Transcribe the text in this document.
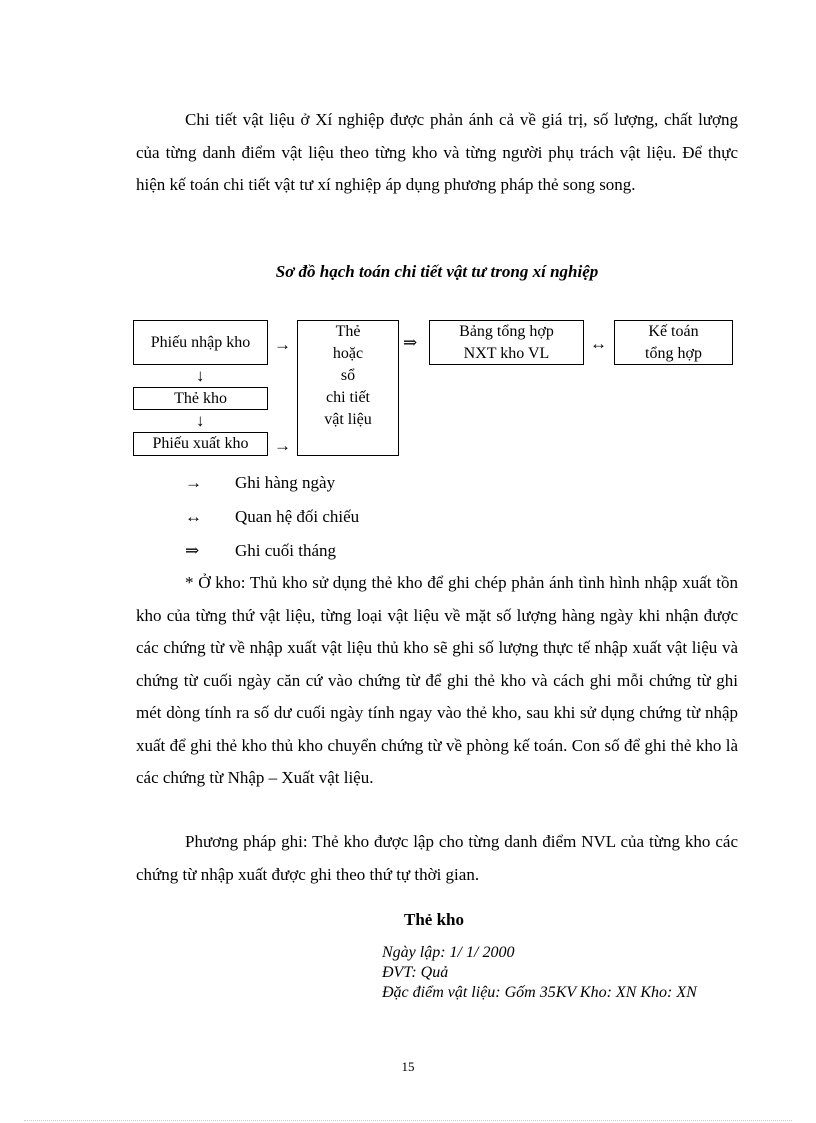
Chi tiết vật liệu ở Xí nghiệp được phản ánh cả về giá trị, số lượng, chất lượng của từng danh điểm vật liệu theo từng kho và từng người phụ trách vật liệu. Để thực hiện kế toán chi tiết vật tư xí nghiệp áp dụng phương pháp thẻ song song.

Sơ đồ hạch toán chi tiết vật tư trong xí nghiệp

Phiếu nhập kho
Thẻ kho
Phiếu xuất kho
Thẻ
hoặc
sổ
chi tiết
vật liệu
Bảng tổng hợp
NXT kho VL
Kế toán
tổng hợp
→	⇒	↔
↓
↓
→
→ Ghi hàng ngày
↔ Quan hệ đối chiếu
⇒ Ghi cuối tháng

* Ở kho: Thủ kho sử dụng thẻ kho để ghi chép phản ánh tình hình nhập xuất tồn kho của từng thứ vật liệu, từng loại vật liệu về mặt số lượng hàng ngày khi nhận được các chứng từ về nhập xuất vật liệu thủ kho sẽ ghi số lượng thực tế nhập xuất vật liệu và chứng từ cuối ngày căn cứ vào chứng từ để ghi thẻ kho và cách ghi mỗi chứng từ ghi mét dòng tính ra số dư cuối ngày tính ngay vào thẻ kho, sau khi sử dụng chứng từ nhập xuất để ghi thẻ kho thủ kho chuyển chứng từ về phòng kế toán. Con số để ghi thẻ kho là các chứng từ Nhập – Xuất vật liệu.

Phương pháp ghi: Thẻ kho được lập cho từng danh điểm NVL của từng kho các chứng từ nhập xuất được ghi theo thứ tự thời gian.

Thẻ kho

Ngày lập: 1/ 1/ 2000
ĐVT: Quả
Đặc điểm vật liệu: Gốm 35KV Kho: XN Kho: XN
15
